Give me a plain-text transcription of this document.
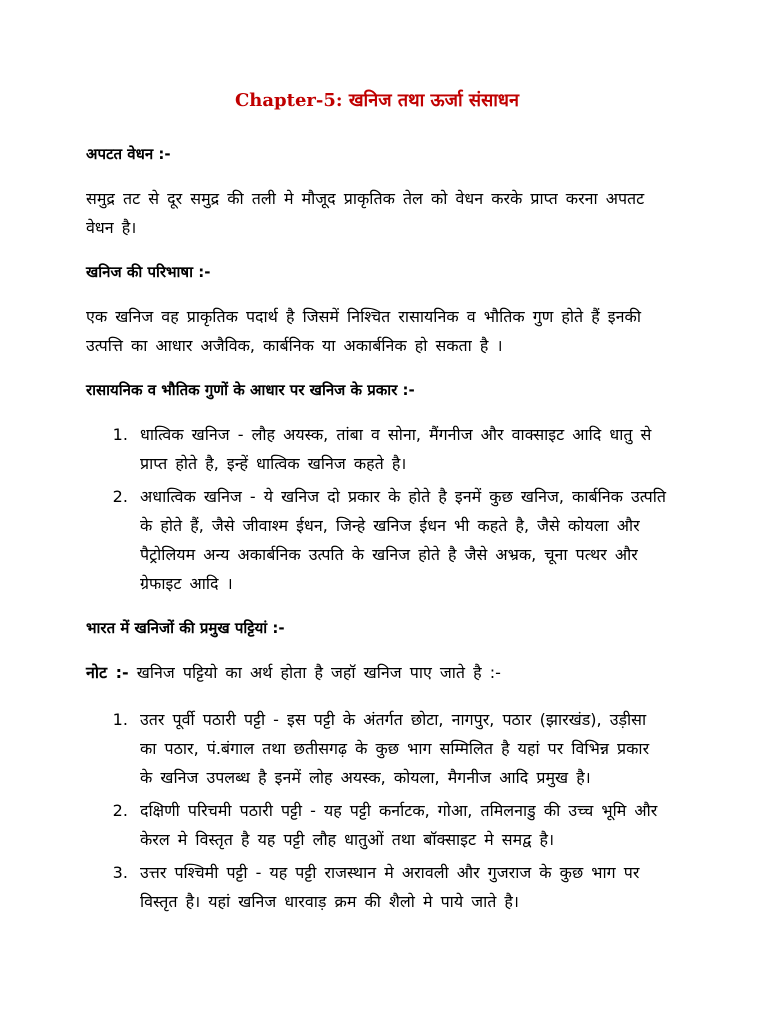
Chapter-5: खनिज तथा ऊर्जा संसाधन
अपटत वेधन :-

समुद्र तट से दूर समुद्र की तली मे मौजूद प्राकृतिक तेल को वेधन करके प्राप्त करना अपतट वेधन है।

खनिज की परिभाषा :-

एक खनिज वह प्राकृतिक पदार्थ है जिसमें निश्चित रासायनिक व भौतिक गुण होते हैं इनकी उत्पत्ति का आधार अजैविक, कार्बनिक या अकार्बनिक हो सकता है ।

रासायनिक व भौतिक गुणों के आधार पर खनिज के प्रकार :-
1. धात्विक खनिज - लौह अयस्क, तांबा व सोना, मैंगनीज और वाक्साइट आदि धातु से प्राप्त होते है, इन्हें धात्विक खनिज कहते है।
2. अधात्विक खनिज - ये खनिज दो प्रकार के होते है इनमें कुछ खनिज, कार्बनिक उत्पति के होते हैं, जैसे जीवाश्म ईधन, जिन्हे खनिज ईधन भी कहते है, जैसे कोयला और पैट्रोलियम अन्य अकार्बनिक उत्पति के खनिज होते है जैसे अभ्रक, चूना पत्थर और ग्रेफाइट आदि ।
भारत में खनिजों की प्रमुख पट्टियां :-

नोट :- खनिज पट्टियो का अर्थ होता है जहॉ खनिज पाए जाते है :-

1. उतर पूर्वी पठारी पट्टी - इस पट्टी के अंतर्गत छोटा, नागपुर, पठार (झारखंड), उड़ीसा का पठार, पं.बंगाल तथा छतीसगढ़ के कुछ भाग सम्मिलित है यहां पर विभिन्न प्रकार के खनिज उपलब्ध है इनमें लोह अयस्क, कोयला, मैगनीज आदि प्रमुख है।
2. दक्षिणी परिचमी पठारी पट्टी - यह पट्टी कर्नाटक, गोआ, तमिलनाडु की उच्च भूमि और केरल मे विस्तृत है यह पट्टी लौह धातुओं तथा बॉक्साइट मे समद्व है।
3. उत्तर पश्चिमी पट्टी - यह पट्टी राजस्थान मे अरावली और गुजराज के कुछ भाग पर विस्तृत है। यहां खनिज धारवाड़ क्रम की शैलो मे पाये जाते है।
